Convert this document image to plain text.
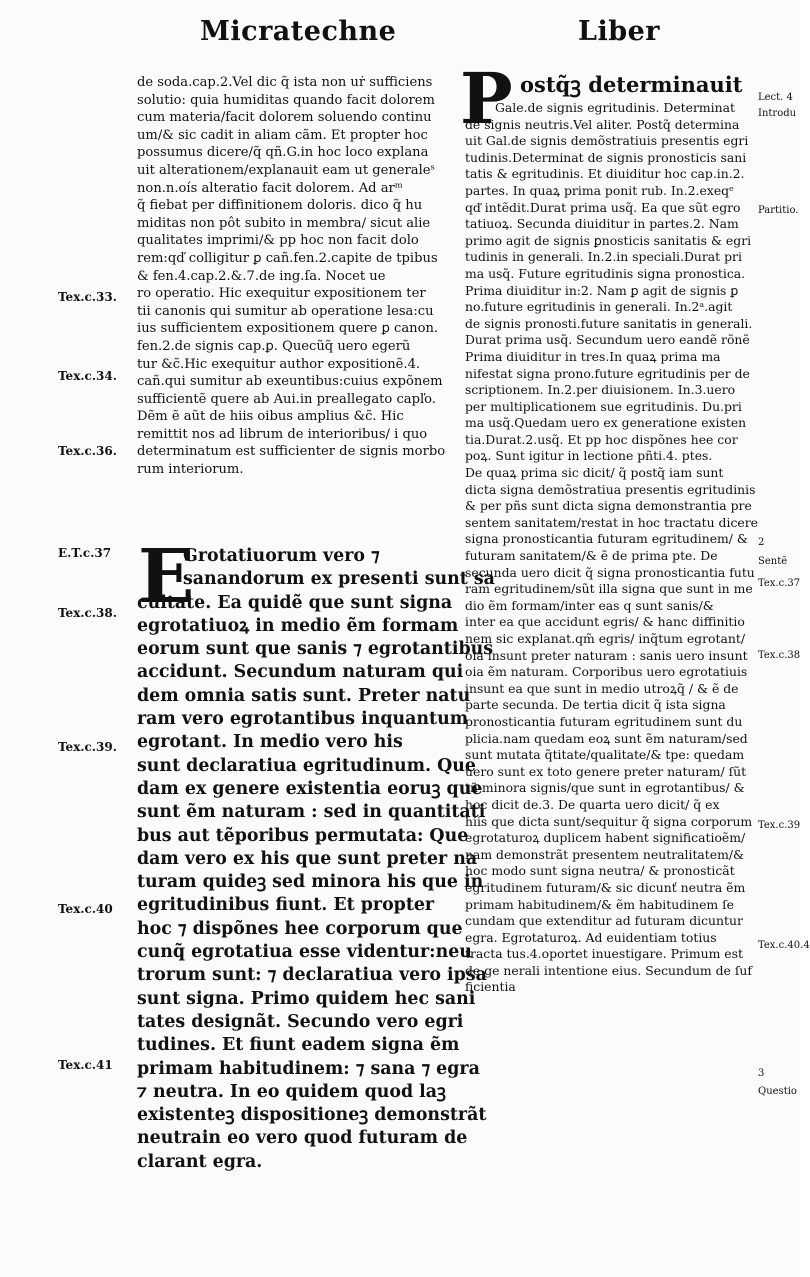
Micratechne	Liber
de soda.cap.2.Vel dic q̃ ista non uṙ sufficiens
solutio: quia humiditas quando facit dolorem
cum materia/facit dolorem soluendo continu
um/& sic cadit in aliam cãm. Et propter hoc
possumus dicere/q̃ qñ.G.in hoc loco explana
uit alterationem/explanauit eam ut generaleˢ
non.n.oís alteratio facit dolorem. Ad arᵐ
q̃ fiebat per diffinitionem doloris. dico q̃ hu
miditas non pôt subito in membra/ sicut alie
qualitates imprimi/& pp hoc non facit dolo
rem:qď colligitur ꝑ cañ.fen.2.capite de tpibus
& fen.4.cap.2.&.7.de ing.ſa. Nocet ue
ro operatio. Hic exequitur expositionem ter
tii canonis qui sumitur ab operatione lesa:cu
ius sufficientem expositionem quere ꝑ canon.
fen.2.de signis cap.ꝑ. Quecũq̃ uero egerũ
tur &c̃.Hic exequitur author expositionẽ.4.
cañ.qui sumitur ab exeuntibus:cuius expõnem
sufficientẽ quere ab Aui.in preallegato capľo.
Dẽm ẽ aũt de hiis oibus amplius &c̃. Hic
remittit nos ad librum de interioribus/ i quo
determinatum est sufficienter de signis morbo
rum interiorum.
E
Grotatiuorum vero ⁊
sanandorum ex presenti sunt sa
cultate. Ea quidẽ que sunt signa
egrotatiuoꝝ in medio ẽm formam
eorum sunt que sanis ⁊ egrotantibus
accidunt. Secundum naturam qui
dem omnia satis sunt. Preter natu
ram vero egrotantibus inquantum
egrotant. In medio vero his
sunt declaratiua egritudinum. Que
dam ex genere existentia eoruꝫ que
sunt ẽm naturam : sed in quantitati
bus aut tẽporibus permutata: Que
dam vero ex his que sunt preter na
turam quideꝫ sed minora his que in
egritudinibus fiunt. Et propter
hoc ⁊ dispõnes hee corporum que
cunq̃ egrotatiua esse videntur:neu
trorum sunt: ⁊ declaratiua vero ipsa
sunt signa. Primo quidem hec sani
tates designãt. Secundo vero egri
tudines. Et fiunt eadem signa ẽm
primam habitudinem: ⁊ sana ⁊ egra
⁊ neutra. In eo quidem quod laꝫ
existenteꝫ dispositioneꝫ demonstrãt
neutrain eo vero quod futuram de
clarant egra.
P ostq̃ꝫ determinauit
Gale.de signis egritudinis. Determinat
de signis neutris.Vel aliter. Postq̃ determina
uit Gal.de signis demõstratiuis presentis egri
tudinis.Determinat de signis pronosticis sani
tatis & egritudinis. Et diuiditur hoc cap.in.2.
partes. In quaꝝ prima ponit rub. In.2.exeqᵉ
qď intẽdit.Durat prima usq̃. Ea que sũt egro
tatiuoꝝ. Secunda diuiditur in partes.2. Nam
primo agit de signis ꝑnosticis sanitatis & egri
tudinis in generali. In.2.in speciali.Durat pri
ma usq̃. Future egritudinis signa pronostica.
Prima diuiditur in:2. Nam ꝑ agit de signis ꝑ
no.future egritudinis in generali. In.2ᵃ.agit
de signis pronosti.future sanitatis in generali.
Durat prima usq̃. Secundum uero eandẽ rõnẽ
Prima diuiditur in tres.In quaꝝ prima ma
nifestat signa prono.future egritudinis per de
scriptionem. In.2.per diuisionem. In.3.uero
per multiplicationem sue egritudinis. Du.pri
ma usq̃.Quedam uero ex generatione existen
tia.Durat.2.usq̃. Et pp hoc dispõnes hee cor
poꝝ. Sunt igitur in lectione pñti.4. ptes.
De quaꝝ prima sic dicit/ q̃ postq̃ iam sunt
dicta signa demõstratiua presentis egritudinis
& per pñs sunt dicta signa demonstrantia pre
sentem sanitatem/restat in hoc tractatu dicere
signa pronosticantia futuram egritudinem/ &
futuram sanitatem/& ẽ de prima pte. De
secunda uero dicit q̃ signa pronosticantia futu
ram egritudinem/sũt illa signa que sunt in me
dio ẽm formam/inter eas q sunt sanis/&
inter ea que accidunt egris/ & hanc diffinitio
nem sic explanat.qm̃ egris/ inq̃tum egrotant/
oia insunt preter naturam : sanis uero insunt
oia ẽm naturam. Corporibus uero egrotatiuis
insunt ea que sunt in medio utroꝝq̃ / & ẽ de
parte secunda. De tertia dicit q̃ ista signa
pronosticantia futuram egritudinem sunt du
plicia.nam quedam eoꝝ sunt ẽm naturam/sed
sunt mutata q̃titate/qualitate/& tpe: quedam
uero sunt ex toto genere preter naturam/ ſũt
tñ minora signis/que sunt in egrotantibus/ &
hoc dicit de.3. De quarta uero dicit/ q̃ ex
hiis que dicta sunt/sequitur q̃ signa corporum
egrotaturoꝝ duplicem habent significatioẽm/
nam demonstrãt presentem neutralitatem/&
hoc modo sunt signa neutra/ & pronosticãt
egritudinem futuram/& sic dicunť neutra ẽm
primam habitudinem/& ẽm habitudinem ſe
cundam que extenditur ad futuram dicuntur
egra. Egrotaturoꝝ. Ad euidentiam totius
tracta tus.4.oportet inuestigare. Primum est
de ge nerali intentione eius. Secundum de ſuf
ficientia
Tex.c.33.
Tex.c.34.
Tex.c.36.
E.T.c.37
Tex.c.38.
Tex.c.39.
Tex.c.40
Tex.c.41
Lect. 4
Introdu
Partitio.
2
Sentẽ
Tex.c.37
Tex.c.38
Tex.c.39
Tex.c.40.4
3
Questio
